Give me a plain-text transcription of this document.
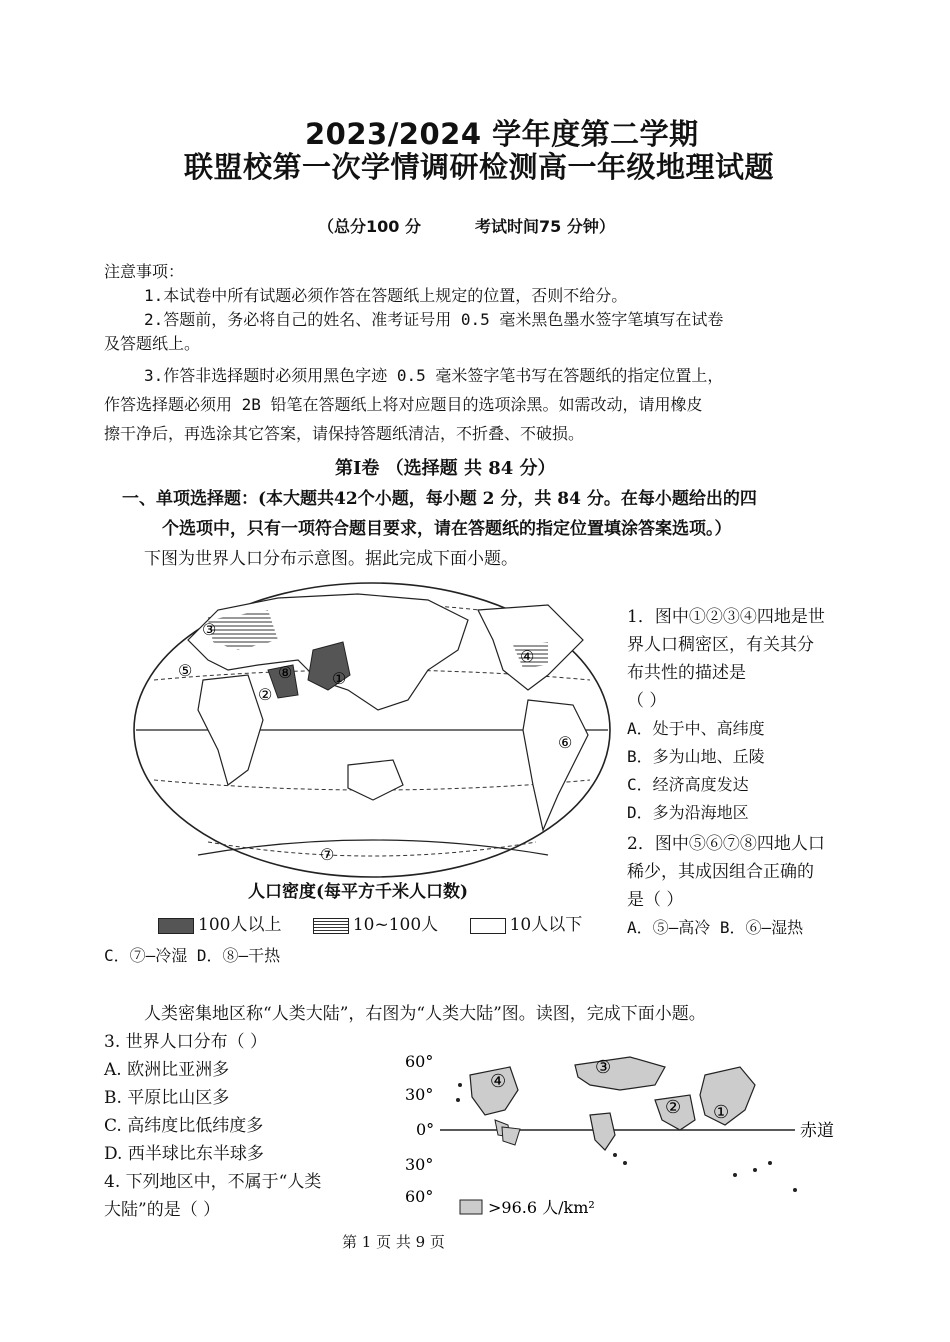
2023/2024 学年度第二学期
联盟校第一次学情调研检测高一年级地理试题
（总分100 分	考试时间75 分钟）
注意事项：
1.本试卷中所有试题必须作答在答题纸上规定的位置，否则不给分。
2.答题前，务必将自己的姓名、准考证号用 0.5 毫米黑色墨水签字笔填写在试卷
及答题纸上。
3.作答非选择题时必须用黑色字迹 0.5 毫米签字笔书写在答题纸的指定位置上，
作答选择题必须用 2B 铅笔在答题纸上将对应题目的选项涂黑。如需改动，请用橡皮
擦干净后，再选涂其它答案，请保持答题纸清洁，不折叠、不破损。
第Ⅰ卷 （选择题 共 84 分）
一、单项选择题：(本大题共42个小题，每小题 2 分，共 84 分。在每小题给出的四
个选项中，只有一项符合题目要求，请在答题纸的指定位置填涂答案选项。）
下图为世界人口分布示意图。据此完成下面小题。
①
②
③
④
⑤
⑥
⑦
⑧
人口密度(每平方千米人口数)
100人以上	10~100人	10人以下
1．图中①②③④四地是世
界人口稠密区，有关其分
布共性的描述是
（ ）
A．处于中、高纬度
B．多为山地、丘陵
C．经济高度发达
D．多为沿海地区
2．图中⑤⑥⑦⑧四地人口
稀少，其成因组合正确的
是（ ）
A．⑤—高冷 B．⑥—湿热
C．⑦—冷湿 D．⑧—干热
人类密集地区称“人类大陆”，右图为“人类大陆”图。读图，完成下面小题。
3. 世界人口分布（ ）
A. 欧洲比亚洲多
B. 平原比山区多
C. 高纬度比低纬度多
D. 西半球比东半球多
4. 下列地区中，不属于“人类
大陆”的是（ ）
60°
30°
0°
30°
60°
赤道
①
②
③
④
>96.6 人/km²
第 1 页 共 9 页
